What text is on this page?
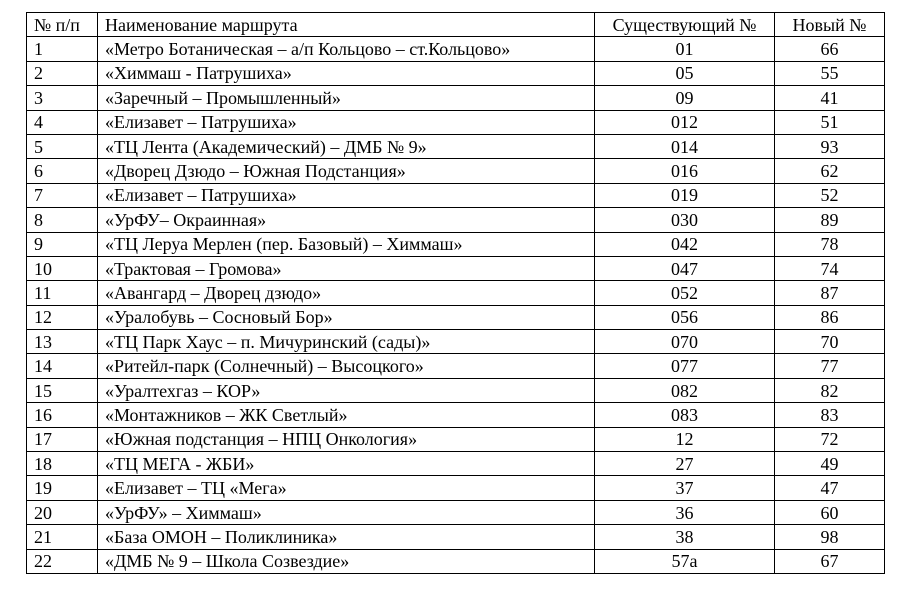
№ п/п	Наименование маршрута	Существующий №	Новый №
1	«Метро Ботаническая – а/п Кольцово – ст.Кольцово»	01	66
2	«Химмаш - Патрушиха»	05	55
3	«Заречный – Промышленный»	09	41
4	«Елизавет – Патрушиха»	012	51
5	«ТЦ Лента (Академический) – ДМБ № 9»	014	93
6	«Дворец Дзюдо – Южная Подстанция»	016	62
7	«Елизавет – Патрушиха»	019	52
8	«УрФУ– Окраинная»	030	89
9	«ТЦ Леруа Мерлен (пер. Базовый) – Химмаш»	042	78
10	«Трактовая – Громова»	047	74
11	«Авангард – Дворец дзюдо»	052	87
12	«Уралобувь – Сосновый Бор»	056	86
13	«ТЦ Парк Хаус – п. Мичуринский (сады)»	070	70
14	«Ритейл-парк (Солнечный) – Высоцкого»	077	77
15	«Уралтехгаз – КОР»	082	82
16	«Монтажников – ЖК Светлый»	083	83
17	«Южная подстанция – НПЦ Онкология»	12	72
18	«ТЦ МЕГА - ЖБИ»	27	49
19	«Елизавет – ТЦ «Мега»	37	47
20	«УрФУ» – Химмаш»	36	60
21	«База ОМОН – Поликлиника»	38	98
22	«ДМБ № 9 – Школа Созвездие»	57а	67
